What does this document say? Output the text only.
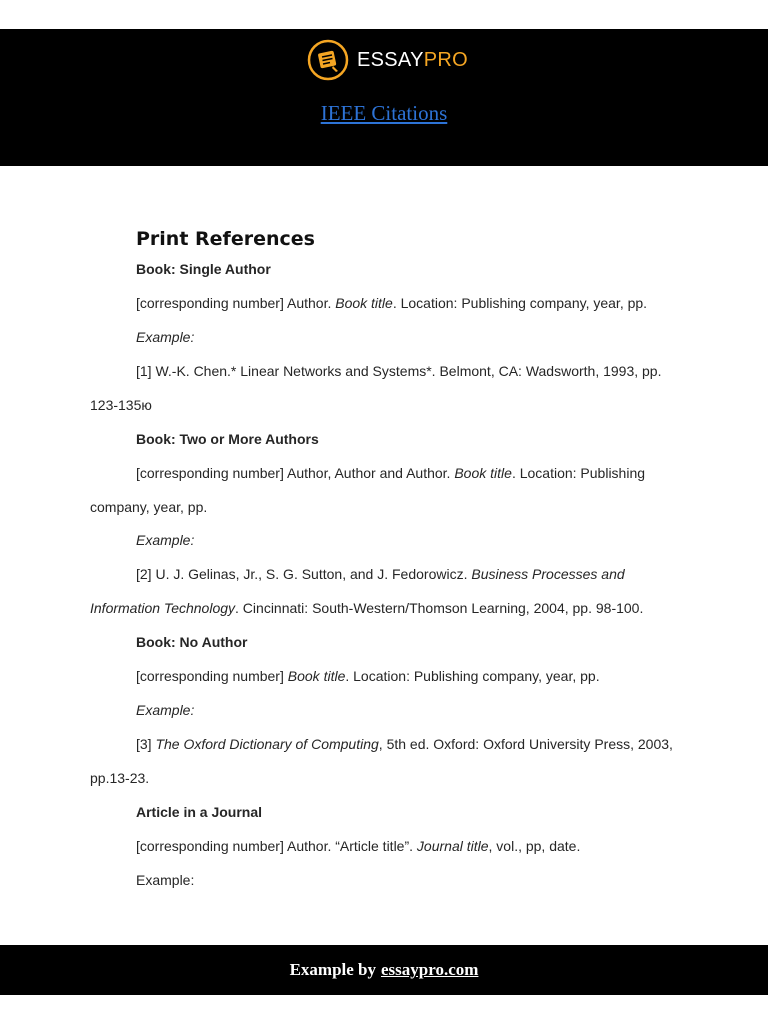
ESSAYPRO
IEEE Citations
Print References
Book: Single Author
[corresponding number] Author. Book title. Location: Publishing company, year, pp.
Example:
[1] W.-K. Chen.* Linear Networks and Systems*. Belmont, CA: Wadsworth, 1993, pp.
123-135ю
Book: Two or More Authors
[corresponding number] Author, Author and Author. Book title. Location: Publishing
company, year, pp.
Example:
[2] U. J. Gelinas, Jr., S. G. Sutton, and J. Fedorowicz. Business Processes and
Information Technology. Cincinnati: South-Western/Thomson Learning, 2004, pp. 98-100.
Book: No Author
[corresponding number] Book title. Location: Publishing company, year, pp.
Example:
[3] The Oxford Dictionary of Computing, 5th ed. Oxford: Oxford University Press, 2003,
pp.13-23.
Article in a Journal
[corresponding number] Author. “Article title”. Journal title, vol., pp, date.
Example:
Example by essaypro.com
